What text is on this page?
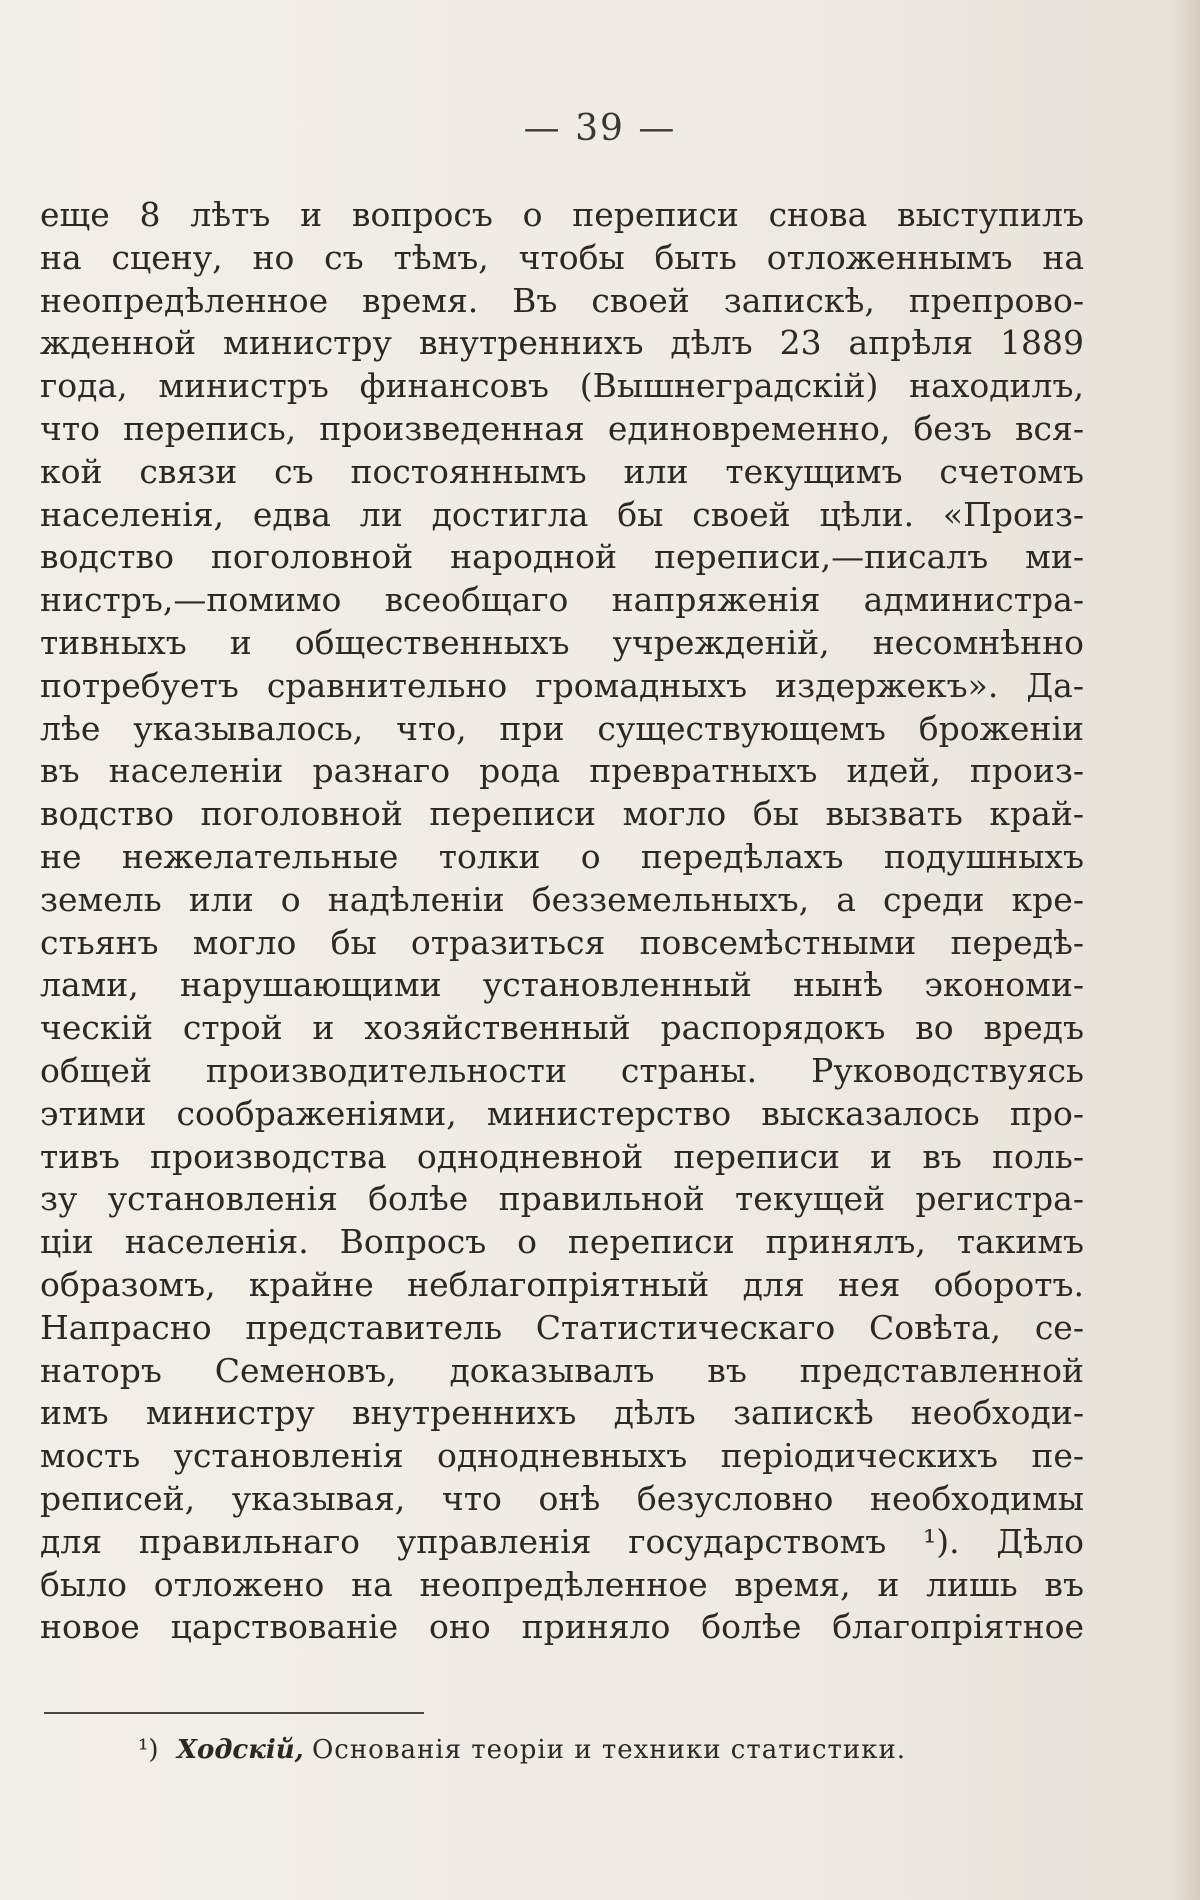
— 39 —
еще 8 лѣтъ и вопросъ о переписи снова выступилъ
на сцену, но съ тѣмъ, чтобы быть отложеннымъ на
неопредѣленное время. Въ своей запискѣ, препрово-
жденной министру внутреннихъ дѣлъ 23 апрѣля 1889
года, министръ финансовъ (Вышнеградскій) находилъ,
что перепись, произведенная единовременно, безъ вся-
кой связи съ постояннымъ или текущимъ счетомъ
населенія, едва ли достигла бы своей цѣли. «Произ-
водство поголовной народной переписи,—писалъ ми-
нистръ,—помимо всеобщаго напряженія администра-
тивныхъ и общественныхъ учрежденій, несомнѣнно
потребуетъ сравнительно громадныхъ издержекъ». Да-
лѣе указывалось, что, при существующемъ броженіи
въ населеніи разнаго рода превратныхъ идей, произ-
водство поголовной переписи могло бы вызвать край-
не нежелательные толки о передѣлахъ подушныхъ
земель или о надѣленіи безземельныхъ, а среди кре-
стьянъ могло бы отразиться повсемѣстными передѣ-
лами, нарушающими установленный нынѣ экономи-
ческій строй и хозяйственный распорядокъ во вредъ
общей производительности страны. Руководствуясь
этими соображеніями, министерство высказалось про-
тивъ производства однодневной переписи и въ поль-
зу установленія болѣе правильной текущей регистра-
ціи населенія. Вопросъ о переписи принялъ, такимъ
образомъ, крайне неблагопріятный для нея оборотъ.
Напрасно представитель Статистическаго Совѣта, се-
наторъ Семеновъ, доказывалъ въ представленной
имъ министру внутреннихъ дѣлъ запискѣ необходи-
мость установленія однодневныхъ періодическихъ пе-
реписей, указывая, что онѣ безусловно необходимы
для правильнаго управленія государствомъ ¹). Дѣло
было отложено на неопредѣленное время, и лишь въ
новое царствованіе оно приняло болѣе благопріятное
¹) Ходскій, Основанія теоріи и техники статистики.
